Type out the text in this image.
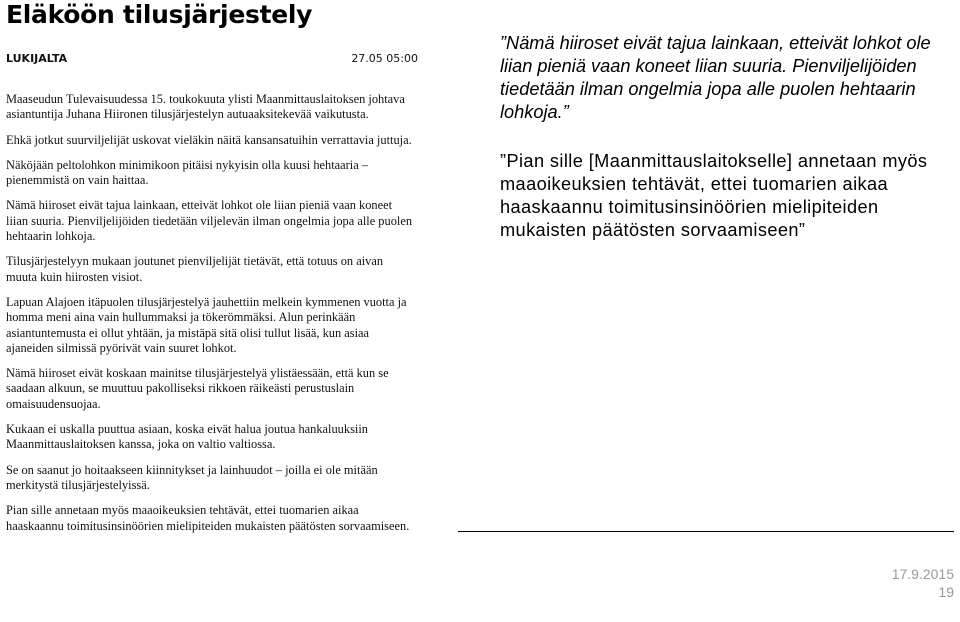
Eläköön tilusjärjestely
LUKIJALTA	27.05 05:00

Maaseudun Tulevaisuudessa 15. toukokuuta ylisti Maanmittauslaitoksen johtava asiantuntija Juhana Hiironen tilusjärjestelyn autuaaksitekevää vaikutusta.

Ehkä jotkut suurviljelijät uskovat vieläkin näitä kansansatuihin verrattavia juttuja.

Näköjään peltolohkon minimikoon pitäisi nykyisin olla kuusi hehtaaria – pienemmistä on vain haittaa.

Nämä hiiroset eivät tajua lainkaan, etteivät lohkot ole liian pieniä vaan koneet liian suuria. Pienviljelijöiden tiedetään viljelevän ilman ongelmia jopa alle puolen hehtaarin lohkoja.

Tilusjärjestelyyn mukaan joutunet pienviljelijät tietävät, että totuus on aivan muuta kuin hiirosten visiot.

Lapuan Alajoen itäpuolen tilusjärjestelyä jauhettiin melkein kymmenen vuotta ja homma meni aina vain hullummaksi ja tökerömmäksi. Alun perinkään asiantuntemusta ei ollut yhtään, ja mistäpä sitä olisi tullut lisää, kun asiaa ajaneiden silmissä pyörivät vain suuret lohkot.

Nämä hiiroset eivät koskaan mainitse tilusjärjestelyä ylistäessään, että kun se saadaan alkuun, se muuttuu pakolliseksi rikkoen räikeästi perustuslain omaisuudensuojaa.

Kukaan ei uskalla puuttua asiaan, koska eivät halua joutua hankaluuksiin Maanmittauslaitoksen kanssa, joka on valtio valtiossa.

Se on saanut jo hoitaakseen kiinnitykset ja lainhuudot – joilla ei ole mitään merkitystä tilusjärjestelyissä.

Pian sille annetaan myös maaoikeuksien tehtävät, ettei tuomarien aikaa haaskaannu toimitusinsinöörien mielipiteiden mukaisten päätösten sorvaamiseen.

”Nämä hiiroset eivät tajua lainkaan, etteivät lohkot ole liian pieniä vaan koneet liian suuria. Pienviljelijöiden tiedetään ilman ongelmia jopa alle puolen hehtaarin lohkoja.”

”Pian sille [Maanmittauslaitokselle] annetaan myös maaoikeuksien tehtävät, ettei tuomarien aikaa haaskaannu toimitusinsinöörien mielipiteiden mukaisten päätösten sorvaamiseen”

17.9.2015
19
